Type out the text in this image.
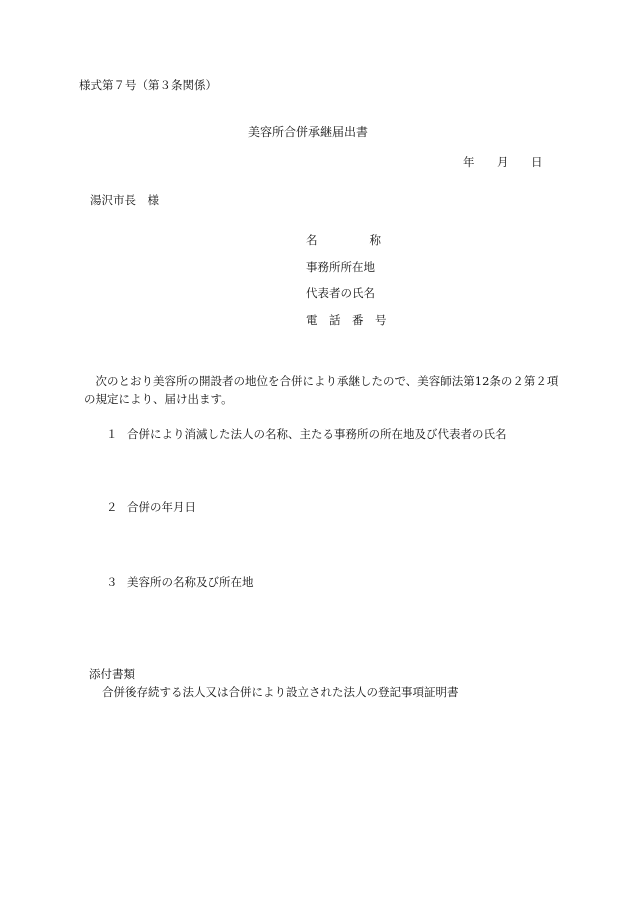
様式第７号（第３条関係）
美容所合併承継届出書
年 月 日
湯沢市長　様
名	称
事務所所在地
代表者の氏名
電　話　番　号
　次のとおり美容所の開設者の地位を合併により承継したので、美容師法第12条の２第２項の規定により、届け出ます。
１ 合併により消滅した法人の名称、主たる事務所の所在地及び代表者の氏名
２ 合併の年月日
３ 美容所の名称及び所在地
添付書類
合併後存続する法人又は合併により設立された法人の登記事項証明書
